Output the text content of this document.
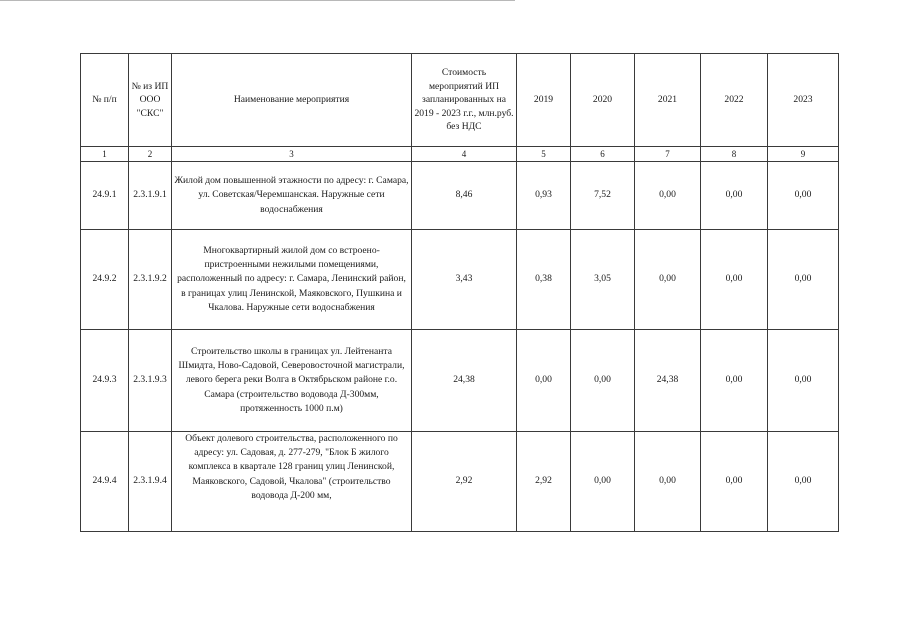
№ п/п	№ из ИП ООО "СКС"	Наименование мероприятия	Стоимость мероприятий ИП запланированных на 2019 - 2023 г.г., млн.руб. без НДС	2019	2020	2021	2022	2023
1	2	3	4	5	6	7	8	9
24.9.1	2.3.1.9.1	Жилой дом повышенной этажности по адресу: г. Самара, ул. Советская/Черемшанская. Наружные сети водоснабжения	8,46	0,93	7,52	0,00	0,00	0,00
24.9.2	2.3.1.9.2	Многоквартирный жилой дом со встроено-пристроенными нежилыми помещениями, расположенный по адресу: г. Самара, Ленинский район, в границах улиц Ленинской, Маяковского, Пушкина и Чкалова. Наружные сети водоснабжения	3,43	0,38	3,05	0,00	0,00	0,00
24.9.3	2.3.1.9.3	Строительство школы в границах ул. Лейтенанта Шмидта, Ново-Садовой, Северовосточной магистрали, левого берега реки Волга в Октябрьском районе г.о. Самара (строительство водовода Д-300мм, протяженность 1000 п.м)	24,38	0,00	0,00	24,38	0,00	0,00
24.9.4	2.3.1.9.4	Объект долевого строительства, расположенного по адресу: ул. Садовая, д. 277-279, "Блок Б жилого комплекса в квартале 128 границ улиц Ленинской, Маяковского, Садовой, Чкалова" (строительство водовода Д-200 мм,	2,92	2,92	0,00	0,00	0,00	0,00
